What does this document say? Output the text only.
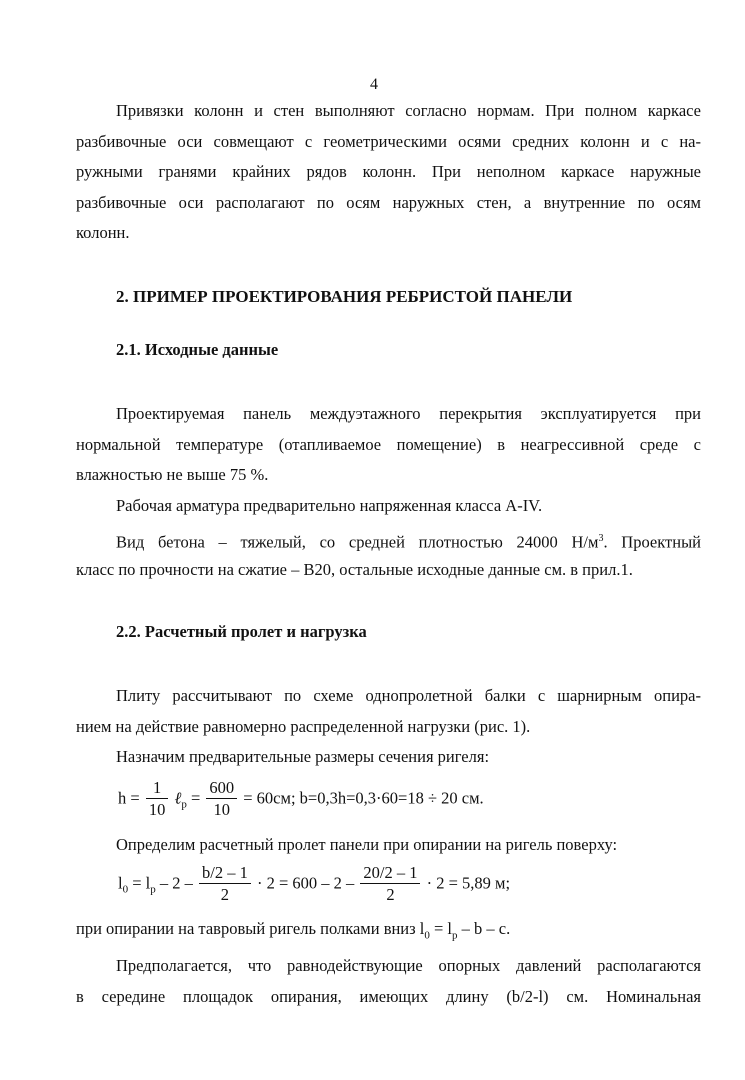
4
Привязки колонн и стен выполняют согласно нормам. При полном каркасе
разбивочные оси совмещают с геометрическими осями средних колонн и с на-
ружными гранями крайних рядов колонн. При неполном каркасе наружные
разбивочные оси располагают по осям наружных стен, а внутренние по осям
колонн.
2. ПРИМЕР ПРОЕКТИРОВАНИЯ РЕБРИСТОЙ ПАНЕЛИ
2.1. Исходные данные
Проектируемая панель междуэтажного перекрытия эксплуатируется при
нормальной температуре (отапливаемое помещение) в неагрессивной среде с
влажностью не выше 75 %.
Рабочая арматура предварительно напряженная класса A-IV.
Вид бетона – тяжелый, со средней плотностью 24000 $Н/м^3$. Проектный
класс по прочности на сжатие – B20, остальные исходные данные см. в прил.1.
2.2. Расчетный пролет и нагрузка
Плиту рассчитывают по схеме однопролетной балки с шарнирным опира-
нием на действие равномерно распределенной нагрузки (рис. 1).
Назначим предварительные размеры сечения ригеля:
$h = \frac{1}{10}$ ℓ$_p$ = $\frac{600}{10} = 60см$; b=0,3h=0,3·60=18 ÷ 20 см.
Определим расчетный пролет панели при опирании на ригель поверху:
$l_0 = l_p - 2 - \frac{b/2 - 1}{2} \cdot 2 = 600 - 2 - \frac{20/2 - 1}{2} \cdot 2 = 5,89$ м;
при опирании на тавровый ригель полками вниз $l_0 = l_p - b - c$.
Предполагается, что равнодействующие опорных давлений располагаются
в середине площадок опирания, имеющих длину (b/2-l) см. Номинальная
